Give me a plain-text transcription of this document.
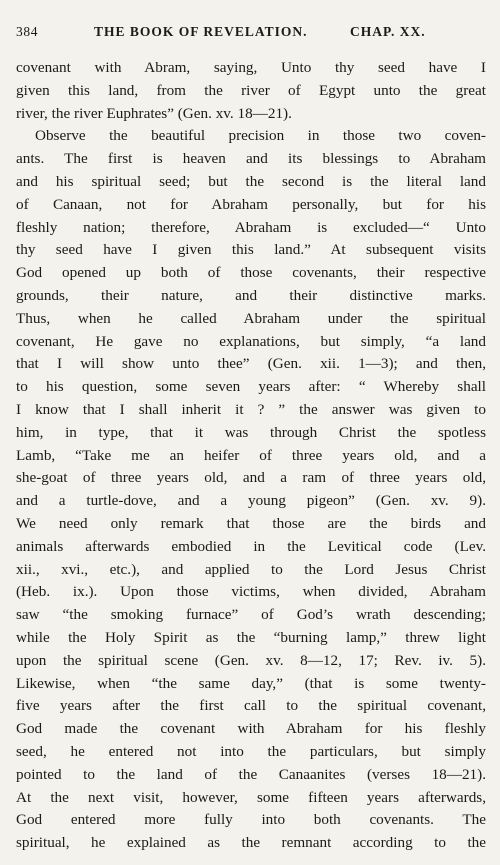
384	THE BOOK OF REVELATION.	CHAP. XX.
covenant with Abram, saying, Unto thy seed have I
given this land, from the river of Egypt unto the great
river, the river Euphrates” (Gen. xv. 18—21).
Observe the beautiful precision in those two coven-
ants. The first is heaven and its blessings to Abraham
and his spiritual seed; but the second is the literal land
of Canaan, not for Abraham personally, but for his
fleshly nation; therefore, Abraham is excluded—“ Unto
thy seed have I given this land.” At subsequent visits
God opened up both of those covenants, their respective
grounds, their nature, and their distinctive marks.
Thus, when he called Abraham under the spiritual
covenant, He gave no explanations, but simply, “a land
that I will show unto thee” (Gen. xii. 1—3); and then,
to his question, some seven years after: “ Whereby shall
I know that I shall inherit it ? ” the answer was given to
him, in type, that it was through Christ the spotless
Lamb, “Take me an heifer of three years old, and a
she-goat of three years old, and a ram of three years old,
and a turtle-dove, and a young pigeon” (Gen. xv. 9).
We need only remark that those are the birds and
animals afterwards embodied in the Levitical code (Lev.
xii., xvi., etc.), and applied to the Lord Jesus Christ
(Heb. ix.). Upon those victims, when divided, Abraham
saw “the smoking furnace” of God’s wrath descending;
while the Holy Spirit as the “burning lamp,” threw light
upon the spiritual scene (Gen. xv. 8—12, 17; Rev. iv. 5).
Likewise, when “the same day,” (that is some twenty-
five years after the first call to the spiritual covenant,
God made the covenant with Abraham for his fleshly
seed, he entered not into the particulars, but simply
pointed to the land of the Canaanites (verses 18—21).
At the next visit, however, some fifteen years afterwards,
God entered more fully into both covenants. The
spiritual, he explained as the remnant according to the
